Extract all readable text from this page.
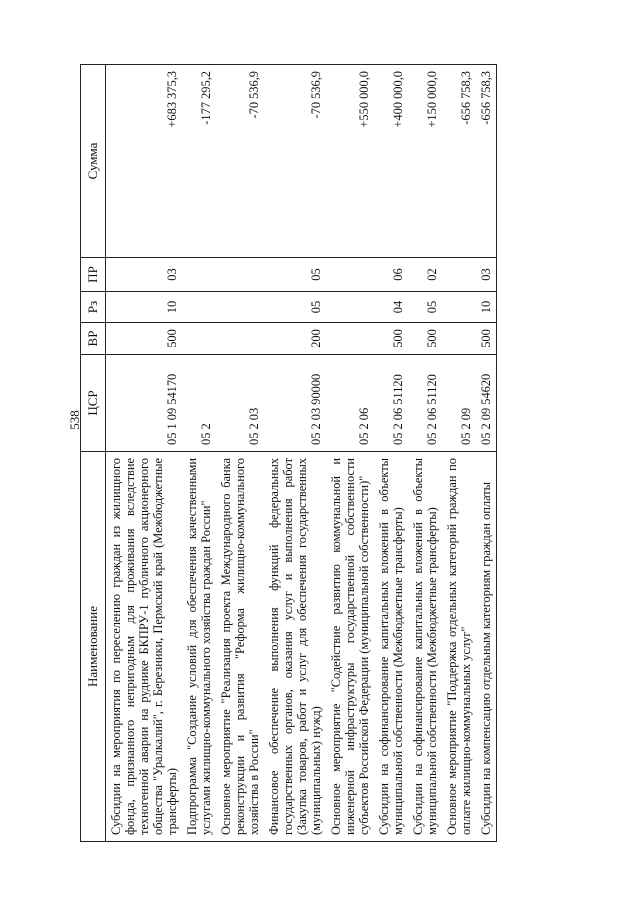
538
Наименование	ЦСР	ВР	Рз	ПР	Сумма
Субсидии на мероприятия по переселению граждан из жилищного фонда, признанного непригодным для проживания вследствие техногенной аварии на руднике БКПРУ-1 публичного акционерного общества "Уралкалий", г. Березники, Пермский край (Межбюджетные трансферты)	05 1 09 54170	500	10	03	+683 375,3
Подпрограмма "Создание условий для обеспечения качественными услугами жилищно-коммунального хозяйства граждан России"	05 2				-177 295,2
Основное мероприятие "Реализация проекта Международного банка реконструкции и развития "Реформа жилищно-коммунального хозяйства в России"	05 2 03				-70 536,9
Финансовое обеспечение выполнения функций федеральных государственных органов, оказания услуг и выполнения работ (Закупка товаров, работ и услуг для обеспечения государственных (муниципальных) нужд)	05 2 03 90000	200	05	05	-70 536,9
Основное мероприятие "Содействие развитию коммунальной и инженерной инфраструктуры государственной собственности субъектов Российской Федерации (муниципальной собственности)"	05 2 06				+550 000,0
Субсидии на софинансирование капитальных вложений в объекты муниципальной собственности (Межбюджетные трансферты)	05 2 06 51120	500	04	06	+400 000,0
Субсидии на софинансирование капитальных вложений в объекты муниципальной собственности (Межбюджетные трансферты)	05 2 06 51120	500	05	02	+150 000,0
Основное мероприятие "Поддержка отдельных категорий граждан по оплате жилищно-коммунальных услуг"	05 2 09				-656 758,3
Субсидии на компенсацию отдельным категориям граждан оплаты	05 2 09 54620	500	10	03	-656 758,3
